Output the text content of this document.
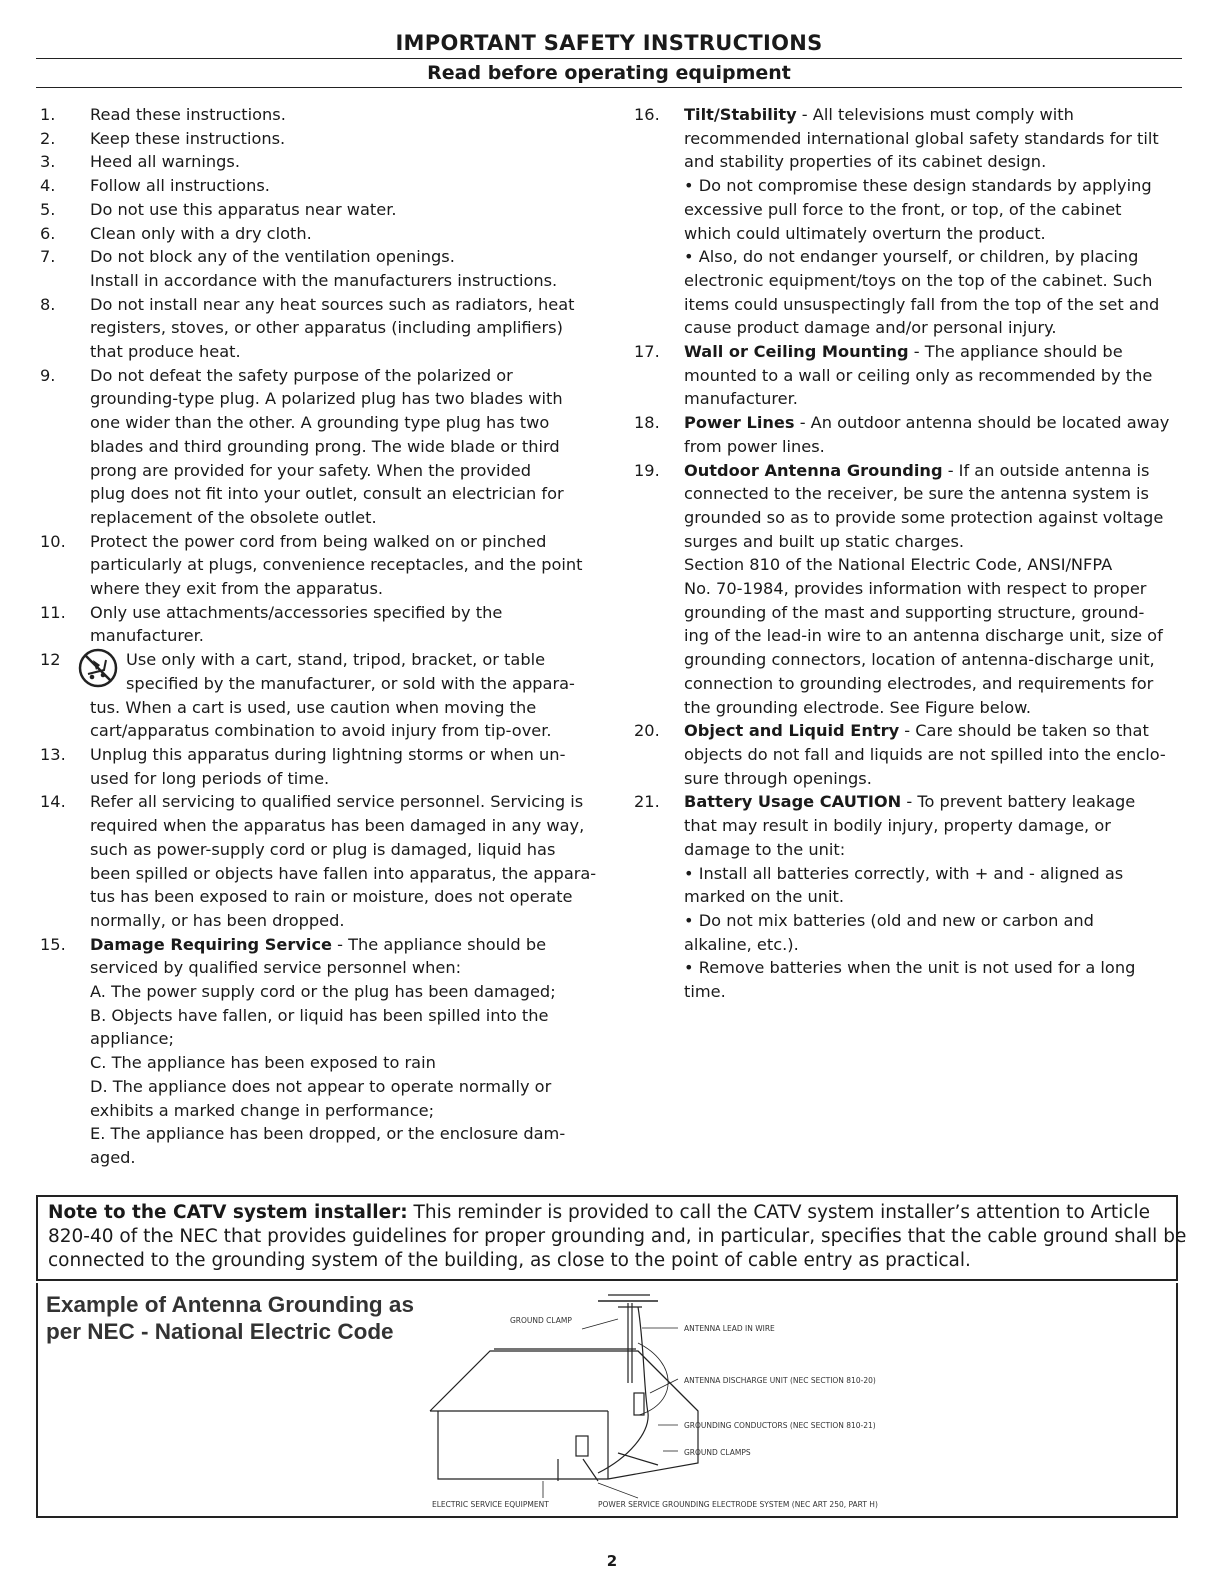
IMPORTANT SAFETY INSTRUCTIONS
Read before operating equipment
1.	Read these instructions.
2.	Keep these instructions.
3.	Heed all warnings.
4.	Follow all instructions.
5.	Do not use this apparatus near water.
6.	Clean only with a dry cloth.
7.	Do not block any of the ventilation openings.
Install in accordance with the manufacturers instructions.
8.	Do not install near any heat sources such as radiators, heat
registers, stoves, or other apparatus (including amplifiers)
that produce heat.
9.	Do not defeat the safety purpose of the polarized or
grounding-type plug. A polarized plug has two blades with
one wider than the other. A grounding type plug has two
blades and third grounding prong. The wide blade or third
prong are provided for your safety. When the provided
plug does not fit into your outlet, consult an electrician for
replacement of the obsolete outlet.
10.	Protect the power cord from being walked on or pinched
particularly at plugs, convenience receptacles, and the point
where they exit from the apparatus.
11.	Only use attachments/accessories specified by the
manufacturer.
12	Use only with a cart, stand, tripod, bracket, or table
specified by the manufacturer, or sold with the appara-
tus. When a cart is used, use caution when moving the
cart/apparatus combination to avoid injury from tip-over.
13.	Unplug this apparatus during lightning storms or when un-
used for long periods of time.
14.	Refer all servicing to qualified service personnel. Servicing is
required when the apparatus has been damaged in any way,
such as power-supply cord or plug is damaged, liquid has
been spilled or objects have fallen into apparatus, the appara-
tus has been exposed to rain or moisture, does not operate
normally, or has been dropped.
15.	Damage Requiring Service - The appliance should be
serviced by qualified service personnel when:
A. The power supply cord or the plug has been damaged;
B. Objects have fallen, or liquid has been spilled into the
appliance;
C. The appliance has been exposed to rain
D. The appliance does not appear to operate normally or
exhibits a marked change in performance;
E. The appliance has been dropped, or the enclosure dam-
aged.
16.	Tilt/Stability - All televisions must comply with
recommended international global safety standards for tilt
and stability properties of its cabinet design.
• Do not compromise these design standards by applying
excessive pull force to the front, or top, of the cabinet
which could ultimately overturn the product.
• Also, do not endanger yourself, or children, by placing
electronic equipment/toys on the top of the cabinet. Such
items could unsuspectingly fall from the top of the set and
cause product damage and/or personal injury.
17.	Wall or Ceiling Mounting - The appliance should be
mounted to a wall or ceiling only as recommended by the
manufacturer.
18.	Power Lines - An outdoor antenna should be located away
from power lines.
19.	Outdoor Antenna Grounding - If an outside antenna is
connected to the receiver, be sure the antenna system is
grounded so as to provide some protection against voltage
surges and built up static charges.
Section 810 of the National Electric Code, ANSI/NFPA
No. 70-1984, provides information with respect to proper
grounding of the mast and supporting structure, ground-
ing of the lead-in wire to an antenna discharge unit, size of
grounding connectors, location of antenna-discharge unit,
connection to grounding electrodes, and requirements for
the grounding electrode. See Figure below.
20.	Object and Liquid Entry - Care should be taken so that
objects do not fall and liquids are not spilled into the enclo-
sure through openings.
21.	Battery Usage CAUTION - To prevent battery leakage
that may result in bodily injury, property damage, or
damage to the unit:
• Install all batteries correctly, with + and - aligned as
marked on the unit.
• Do not mix batteries (old and new or carbon and
alkaline, etc.).
• Remove batteries when the unit is not used for a long
time.
Note to the CATV system installer: This reminder is provided to call the CATV system installer’s attention to Article
820-40 of the NEC that provides guidelines for proper grounding and, in particular, specifies that the cable ground shall be
connected to the grounding system of the building, as close to the point of cable entry as practical.
Example of Antenna Grounding as
per NEC - National Electric Code	GROUND CLAMP
ANTENNA LEAD IN WIRE
ANTENNA DISCHARGE UNIT (NEC SECTION 810-20)
GROUNDING CONDUCTORS (NEC SECTION 810-21)
GROUND CLAMPS
ELECTRIC SERVICE EQUIPMENT	POWER SERVICE GROUNDING ELECTRODE SYSTEM (NEC ART 250, PART H)
2
